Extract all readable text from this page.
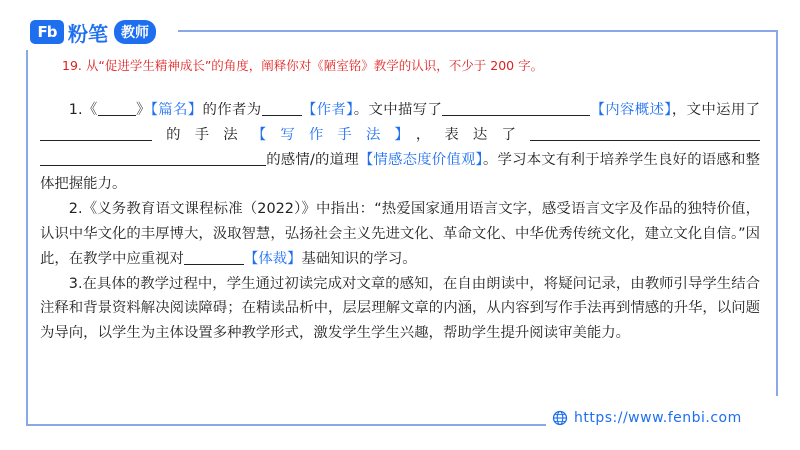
Fb 粉笔 教师
19. 从“促进学生精神成长”的角度，阐释你对《陋室铭》教学的认识，不少于 200 字。

1.《	》【篇名】的作者为	【作者】。文中描写了	【内容概述】，文中运用了的手法【写作手法】，表达了的感情/的道理【情感态度价值观】。学习本文有利于培养学生良好的语感和整体把握能力。

2.《义务教育语文课程标准（2022）》中指出：“热爱国家通用语言文字，感受语言文字及作品的独特价值，认识中华文化的丰厚博大，汲取智慧，弘扬社会主义先进文化、革命文化、中华优秀传统文化，建立文化自信。”因此，在教学中应重视对	【体裁】基础知识的学习。

3.在具体的教学过程中，学生通过初读完成对文章的感知，在自由朗读中，将疑问记录，由教师引导学生结合注释和背景资料解决阅读障碍；在精读品析中，层层理解文章的内涵，从内容到写作手法再到情感的升华，以问题为导向，以学生为主体设置多种教学形式，激发学生学生兴趣，帮助学生提升阅读审美能力。

https://www.fenbi.com
